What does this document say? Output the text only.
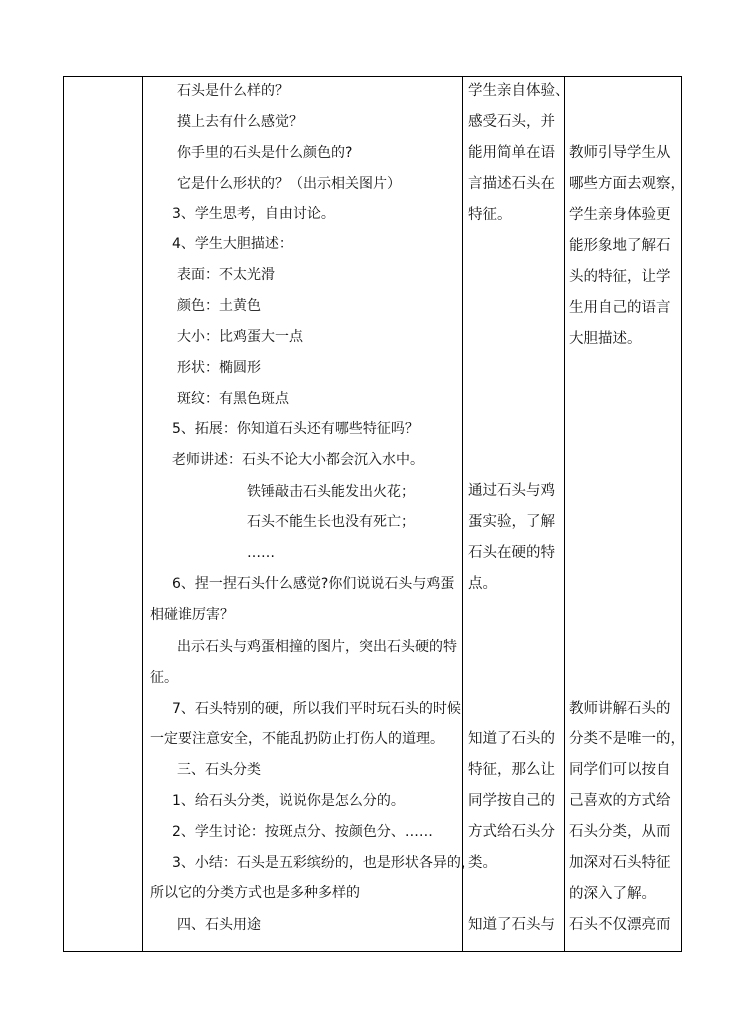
石头是什么样的？
摸上去有什么感觉？
你手里的石头是什么颜色的?
它是什么形状的？（出示相关图片）
3、学生思考，自由讨论。
4、学生大胆描述：
表面：不太光滑
颜色：土黄色
大小：比鸡蛋大一点
形状：椭圆形
斑纹：有黑色斑点
5、拓展：你知道石头还有哪些特征吗？
老师讲述：石头不论大小都会沉入水中。
铁锤敲击石头能发出火花；
石头不能生长也没有死亡；
……
6、捏一捏石头什么感觉?你们说说石头与鸡蛋
相碰谁厉害？
出示石头与鸡蛋相撞的图片，突出石头硬的特
征。
7、石头特别的硬，所以我们平时玩石头的时候
一定要注意安全，不能乱扔防止打伤人的道理。
三、石头分类
1、给石头分类，说说你是怎么分的。
2、学生讨论：按斑点分、按颜色分、……
3、小结：石头是五彩缤纷的，也是形状各异的，
所以它的分类方式也是多种多样的
四、石头用途
学生亲自体验、
感受石头，并
能用简单在语
言描述石头在
特征。
通过石头与鸡
蛋实验，了解
石头在硬的特
点。
知道了石头的
特征，那么让
同学按自己的
方式给石头分
类。
知道了石头与
教师引导学生从
哪些方面去观察，
学生亲身体验更
能形象地了解石
头的特征，让学
生用自己的语言
大胆描述。
教师讲解石头的
分类不是唯一的，
同学们可以按自
己喜欢的方式给
石头分类，从而
加深对石头特征
的深入了解。
石头不仅漂亮而
